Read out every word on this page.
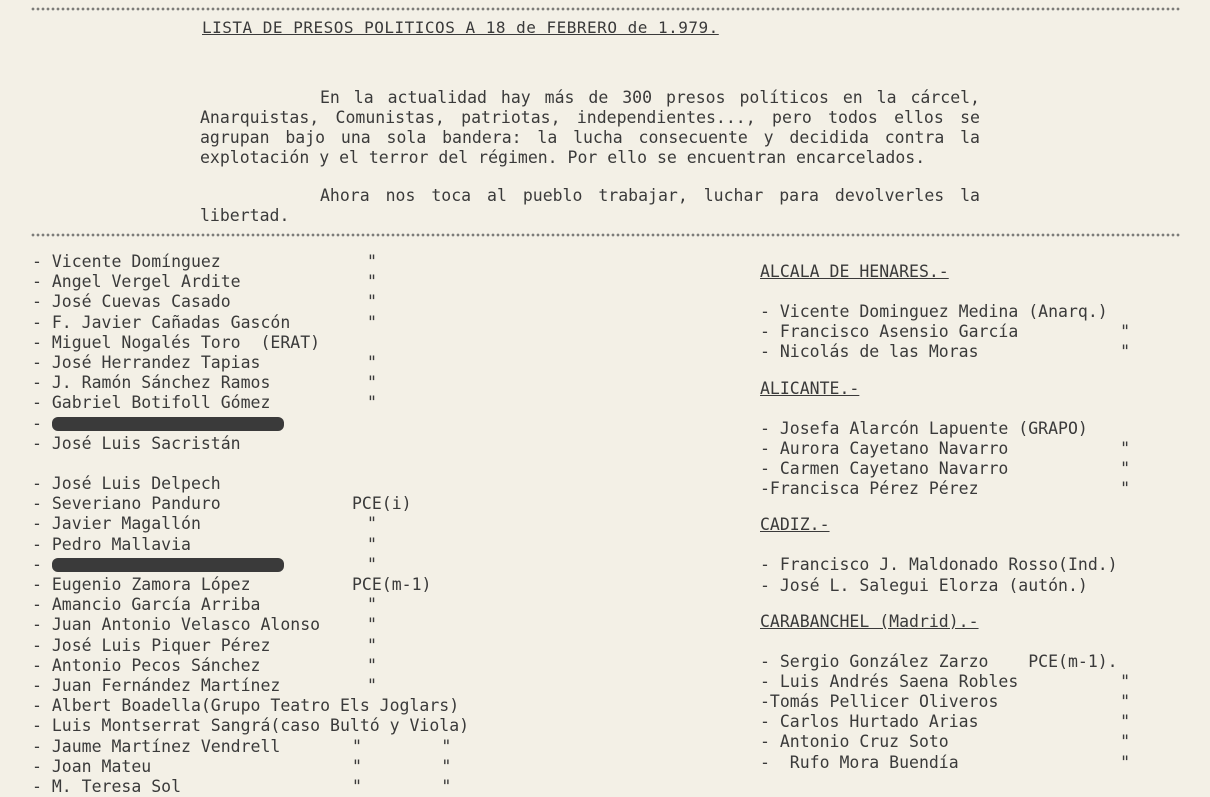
LISTA DE PRESOS POLITICOS A 18 de FEBRERO de 1.979.

En la actualidad hay más de 300 presos políticos en la cárcel, Anarquistas, Comunistas, patriotas, independientes..., pero todos ellos se agrupan bajo una sola bandera: la lucha consecuente y decidida contra la explotación y el terror del régimen. Por ello se encuentran encarcelados.

Ahora nos toca al pueblo trabajar, luchar para devolverles la libertad.

- Vicente Domínguez	"
- Angel Vergel Ardite	"
- José Cuevas Casado	"
- F. Javier Cañadas Gascón	"
- Miguel Nogalés Toro  (ERAT)
- José Herrandez Tapias	"
- J. Ramón Sánchez Ramos	"
- Gabriel Botifoll Gómez	"
-
- José Luis Sacristán
- José Luis Delpech
- Severiano Panduro	PCE(i)
- Javier Magallón	"
- Pedro Mallavia	"
-	"
- Eugenio Zamora López	PCE(m-1)
- Amancio García Arriba	"
- Juan Antonio Velasco Alonso	"
- José Luis Piquer Pérez	"
- Antonio Pecos Sánchez	"
- Juan Fernández Martínez	"
- Albert Boadella(Grupo Teatro Els Joglars)
- Luis Montserrat Sangrá(caso Bultó y Viola)
- Jaume Martínez Vendrell	"        "
- Joan Mateu	"        "
- M. Teresa Sol	"        "
ALCALA DE HENARES.-
- Vicente Dominguez Medina (Anarq.)
- Francisco Asensio García	"
- Nicolás de las Moras	"
ALICANTE.-
- Josefa Alarcón Lapuente (GRAPO)
- Aurora Cayetano Navarro	"
- Carmen Cayetano Navarro	"
-Francisca Pérez Pérez	"
CADIZ.-
- Francisco J. Maldonado Rosso(Ind.)
- José L. Salegui Elorza (autón.)
CARABANCHEL (Madrid).-
- Sergio González Zarzo    PCE(m-1).
- Luis Andrés Saena Robles	"
-Tomás Pellicer Oliveros	"
- Carlos Hurtado Arias	"
- Antonio Cruz Soto	"
-  Rufo Mora Buendía	"
